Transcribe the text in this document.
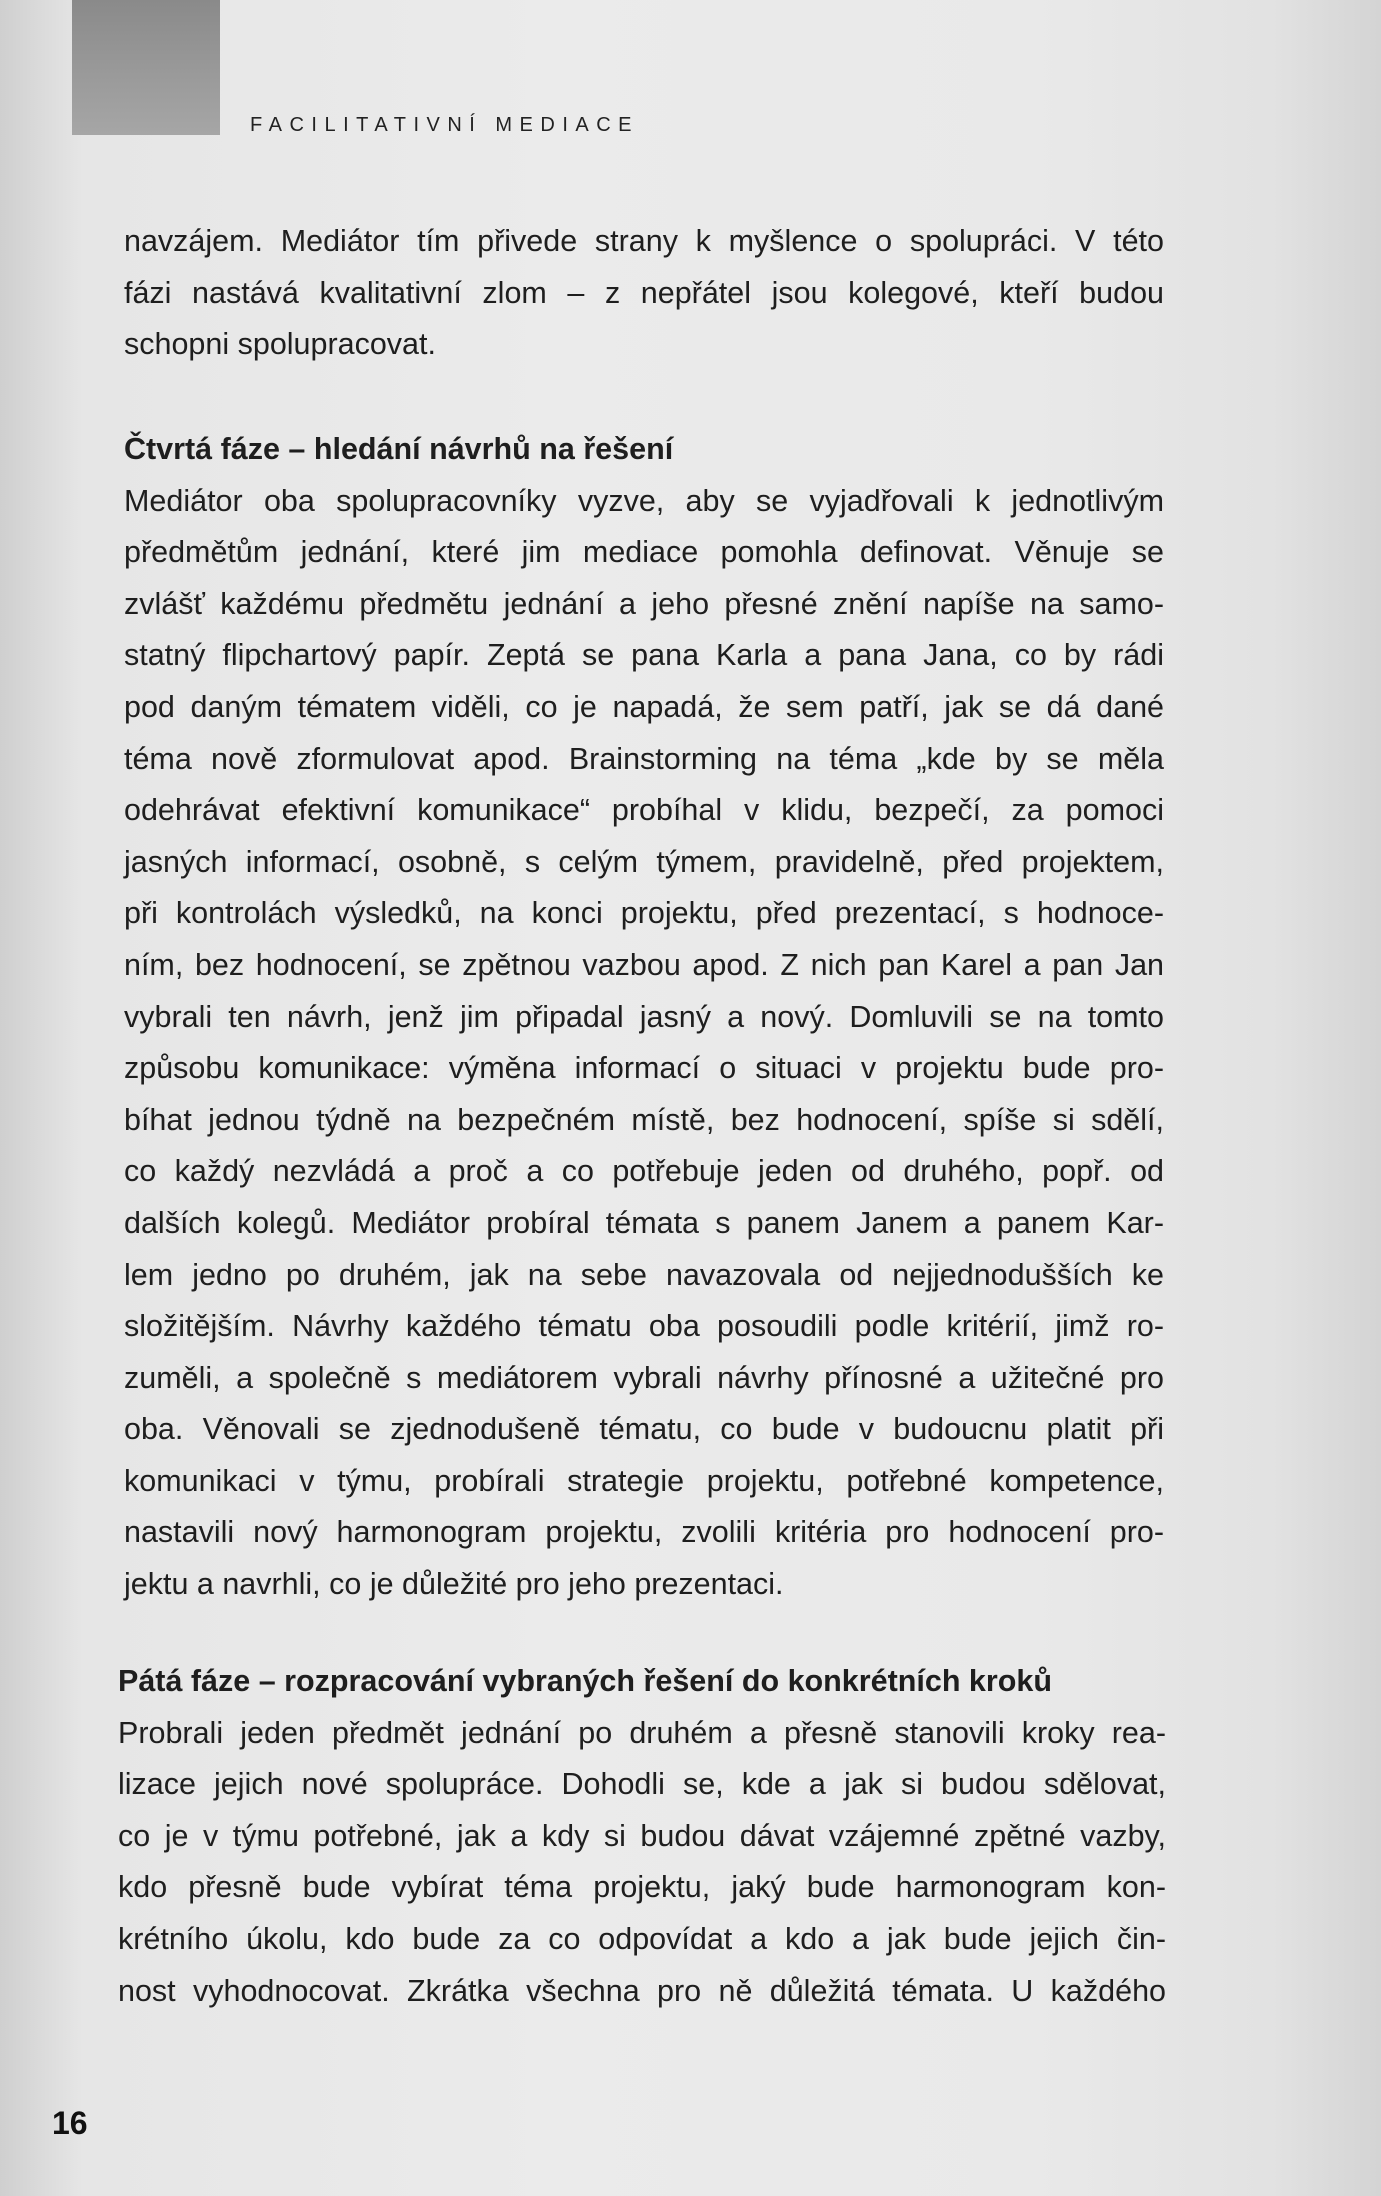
FACILITATIVNÍ MEDIACE
navzájem. Mediátor tím přivede strany k myšlence o spolupráci. V této
fázi nastává kvalitativní zlom – z nepřátel jsou kolegové, kteří budou
schopni spolupracovat.
Čtvrtá fáze – hledání návrhů na řešení
Mediátor oba spolupracovníky vyzve, aby se vyjadřovali k jednotlivým
předmětům jednání, které jim mediace pomohla definovat. Věnuje se
zvlášť každému předmětu jednání a jeho přesné znění napíše na samo-
statný flipchartový papír. Zeptá se pana Karla a pana Jana, co by rádi
pod daným tématem viděli, co je napadá, že sem patří, jak se dá dané
téma nově zformulovat apod. Brainstorming na téma „kde by se měla
odehrávat efektivní komunikace“ probíhal v klidu, bezpečí, za pomoci
jasných informací, osobně, s celým týmem, pravidelně, před projektem,
při kontrolách výsledků, na konci projektu, před prezentací, s hodnoce-
ním, bez hodnocení, se zpětnou vazbou apod. Z nich pan Karel a pan Jan
vybrali ten návrh, jenž jim připadal jasný a nový. Domluvili se na tomto
způsobu komunikace: výměna informací o situaci v projektu bude pro-
bíhat jednou týdně na bezpečném místě, bez hodnocení, spíše si sdělí,
co každý nezvládá a proč a co potřebuje jeden od druhého, popř. od
dalších kolegů. Mediátor probíral témata s panem Janem a panem Kar-
lem jedno po druhém, jak na sebe navazovala od nejjednodušších ke
složitějším. Návrhy každého tématu oba posoudili podle kritérií, jimž ro-
zuměli, a společně s mediátorem vybrali návrhy přínosné a užitečné pro
oba. Věnovali se zjednodušeně tématu, co bude v budoucnu platit při
komunikaci v týmu, probírali strategie projektu, potřebné kompetence,
nastavili nový harmonogram projektu, zvolili kritéria pro hodnocení pro-
jektu a navrhli, co je důležité pro jeho prezentaci.
Pátá fáze – rozpracování vybraných řešení do konkrétních kroků
Probrali jeden předmět jednání po druhém a přesně stanovili kroky rea-
lizace jejich nové spolupráce. Dohodli se, kde a jak si budou sdělovat,
co je v týmu potřebné, jak a kdy si budou dávat vzájemné zpětné vazby,
kdo přesně bude vybírat téma projektu, jaký bude harmonogram kon-
krétního úkolu, kdo bude za co odpovídat a kdo a jak bude jejich čin-
nost vyhodnocovat. Zkrátka všechna pro ně důležitá témata. U každého
16
